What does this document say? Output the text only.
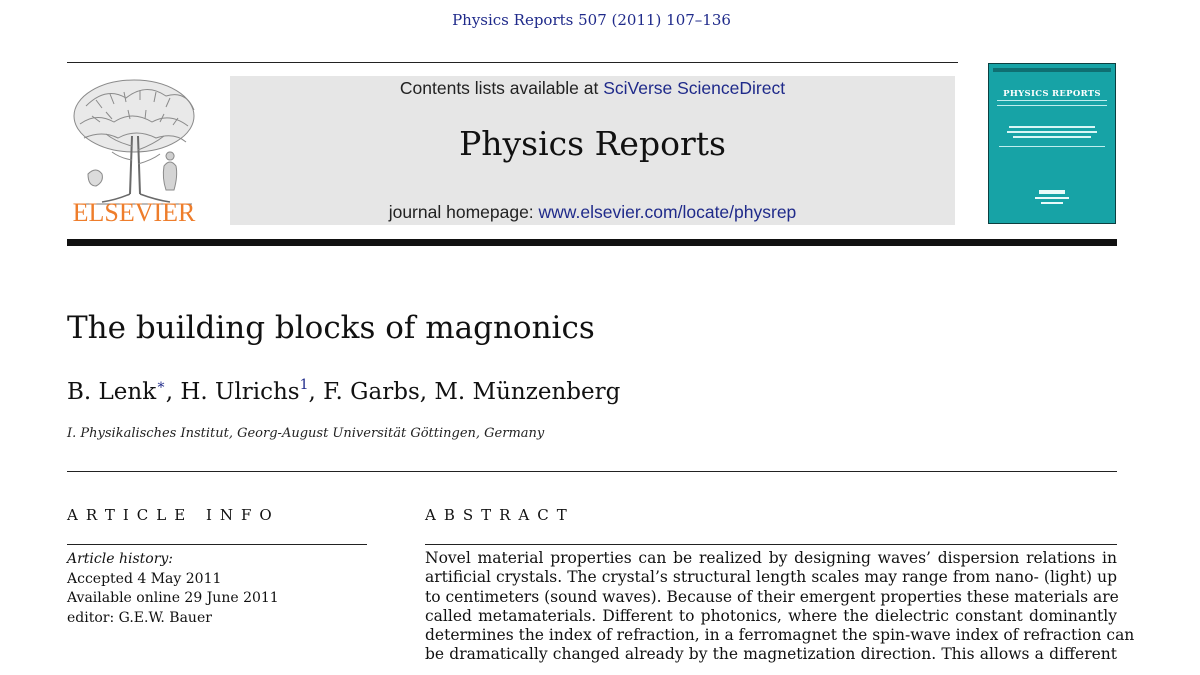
Physics Reports 507 (2011) 107–136
ELSEVIER
Contents lists available at SciVerse ScienceDirect
Physics Reports
journal homepage: www.elsevier.com/locate/physrep
PHYSICS REPORTS
The building blocks of magnonics
B. Lenk∗, H. Ulrichs$^1$, F. Garbs, M. Münzenberg
I. Physikalisches Institut, Georg-August Universität Göttingen, Germany
ARTICLE INFO	ABSTRACT
Article history:
Accepted 4 May 2011
Available online 29 June 2011
editor: G.E.W. Bauer
Novel material properties can be realized by designing waves’ dispersion relations in
artificial crystals. The crystal’s structural length scales may range from nano- (light) up
to centimeters (sound waves). Because of their emergent properties these materials are
called metamaterials. Different to photonics, where the dielectric constant dominantly
determines the index of refraction, in a ferromagnet the spin-wave index of refraction can
be dramatically changed already by the magnetization direction. This allows a different
